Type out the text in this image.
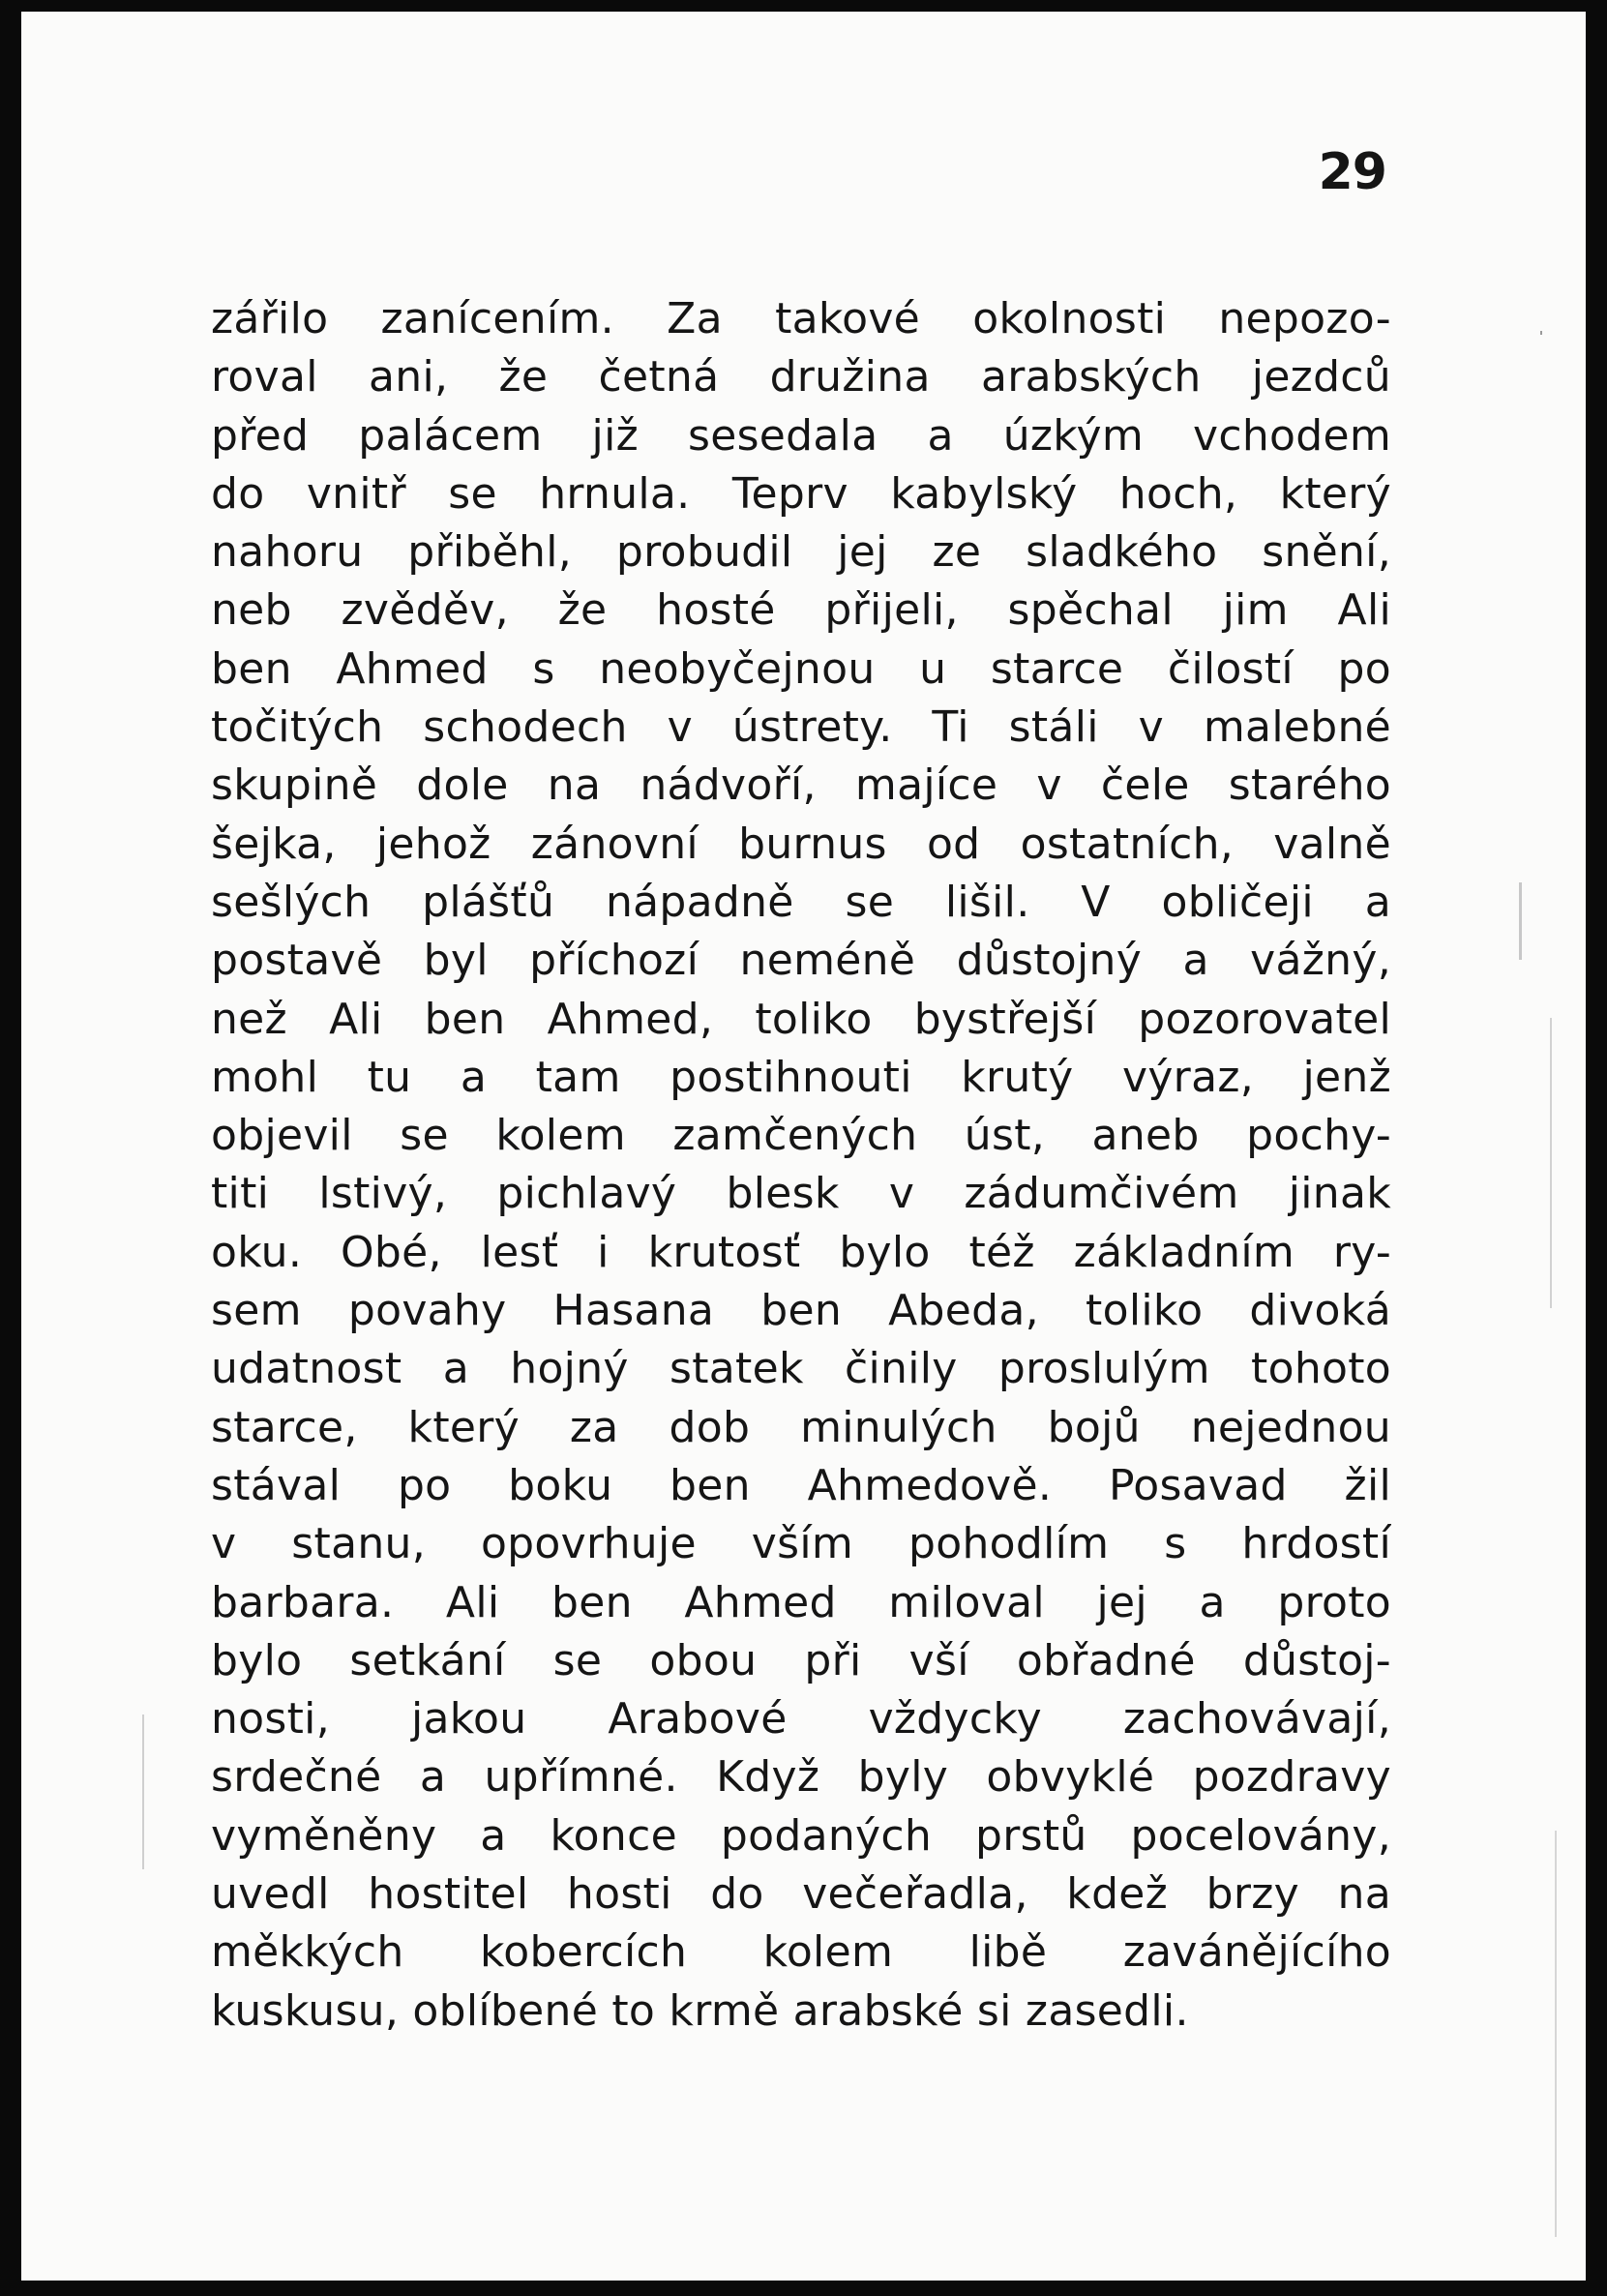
29
zářilo zanícením. Za takové okolnosti nepozo-
roval ani, že četná družina arabských jezdců
před palácem již sesedala a úzkým vchodem
do vnitř se hrnula. Teprv kabylský hoch, který
nahoru přiběhl, probudil jej ze sladkého snění,
neb zvěděv, že hosté přijeli, spěchal jim Ali
ben Ahmed s neobyčejnou u starce čilostí po
točitých schodech v ústrety. Ti stáli v malebné
skupině dole na nádvoří, majíce v čele starého
šejka, jehož zánovní burnus od ostatních, valně
sešlých plášťů nápadně se lišil. V obličeji a
postavě byl příchozí neméně důstojný a vážný,
než Ali ben Ahmed, toliko bystřejší pozorovatel
mohl tu a tam postihnouti krutý výraz, jenž
objevil se kolem zamčených úst, aneb pochy-
titi lstivý, pichlavý blesk v zádumčivém jinak
oku. Obé, lesť i krutosť bylo též základním ry-
sem povahy Hasana ben Abeda, toliko divoká
udatnost a hojný statek činily proslulým tohoto
starce, který za dob minulých bojů nejednou
stával po boku ben Ahmedově. Posavad žil
v stanu, opovrhuje vším pohodlím s hrdostí
barbara. Ali ben Ahmed miloval jej a proto
bylo setkání se obou při vší obřadné důstoj-
nosti, jakou Arabové vždycky zachovávají,
srdečné a upřímné. Když byly obvyklé pozdravy
vyměněny a konce podaných prstů pocelovány,
uvedl hostitel hosti do večeřadla, kdež brzy na
měkkých kobercích kolem libě zavánějícího
kuskusu, oblíbené to krmě arabské si zasedli.
